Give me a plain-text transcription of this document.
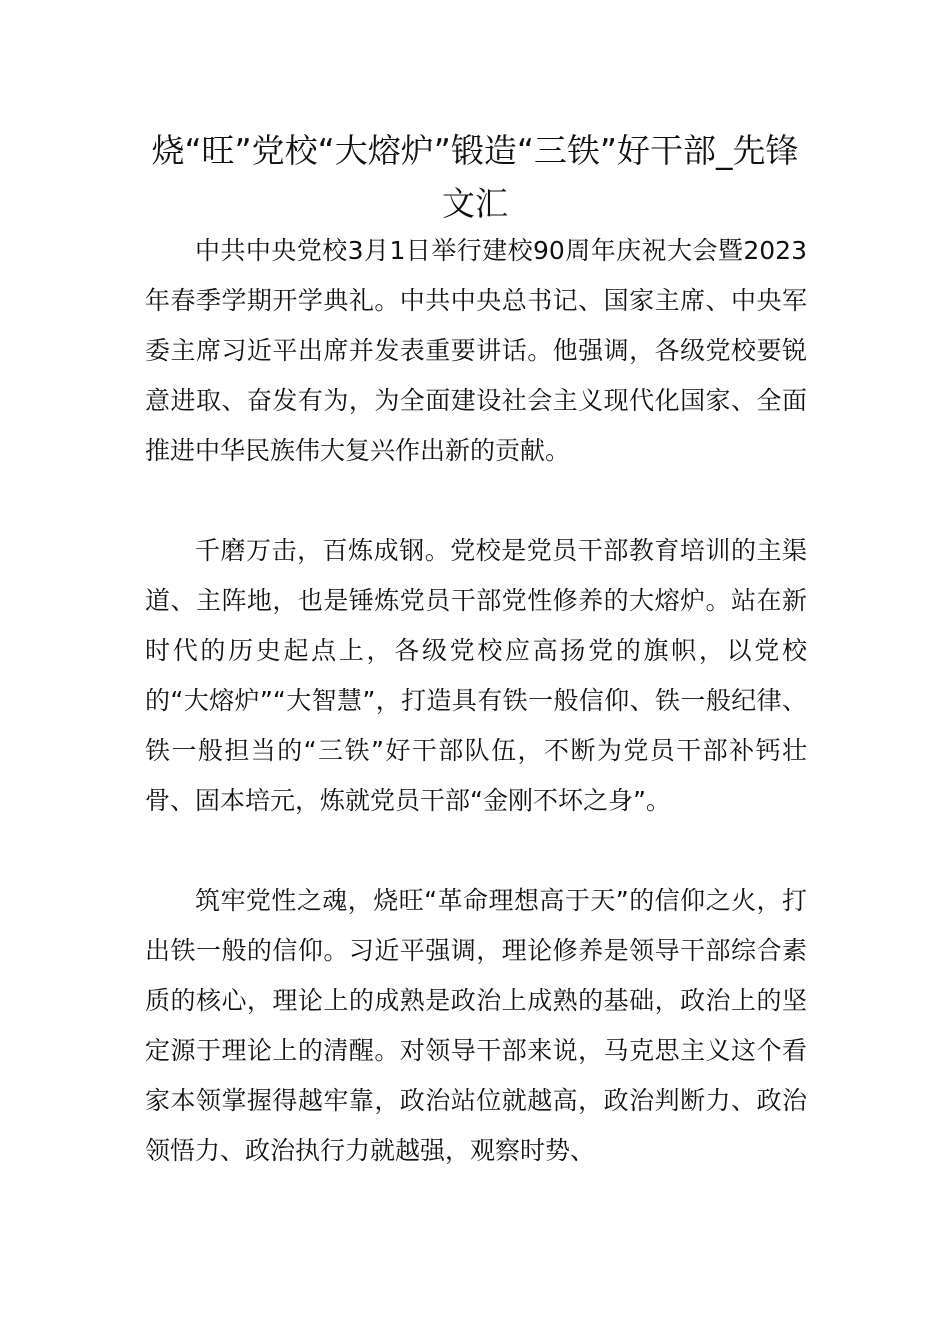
烧“旺”党校“大熔炉”锻造“三铁”好干部_先锋文汇

中共中央党校3月1日举行建校90周年庆祝大会暨2023年春季学期开学典礼。中共中央总书记、国家主席、中央军委主席习近平出席并发表重要讲话。他强调，各级党校要锐意进取、奋发有为，为全面建设社会主义现代化国家、全面推进中华民族伟大复兴作出新的贡献。

千磨万击，百炼成钢。党校是党员干部教育培训的主渠道、主阵地，也是锤炼党员干部党性修养的大熔炉。站在新时代的历史起点上，各级党校应高扬党的旗帜，以党校的“大熔炉”“大智慧”，打造具有铁一般信仰、铁一般纪律、铁一般担当的“三铁”好干部队伍，不断为党员干部补钙壮骨、固本培元，炼就党员干部“金刚不坏之身”。

筑牢党性之魂，烧旺“革命理想高于天”的信仰之火，打出铁一般的信仰。习近平强调，理论修养是领导干部综合素质的核心，理论上的成熟是政治上成熟的基础，政治上的坚定源于理论上的清醒。对领导干部来说，马克思主义这个看家本领掌握得越牢靠，政治站位就越高，政治判断力、政治领悟力、政治执行力就越强，观察时势、
